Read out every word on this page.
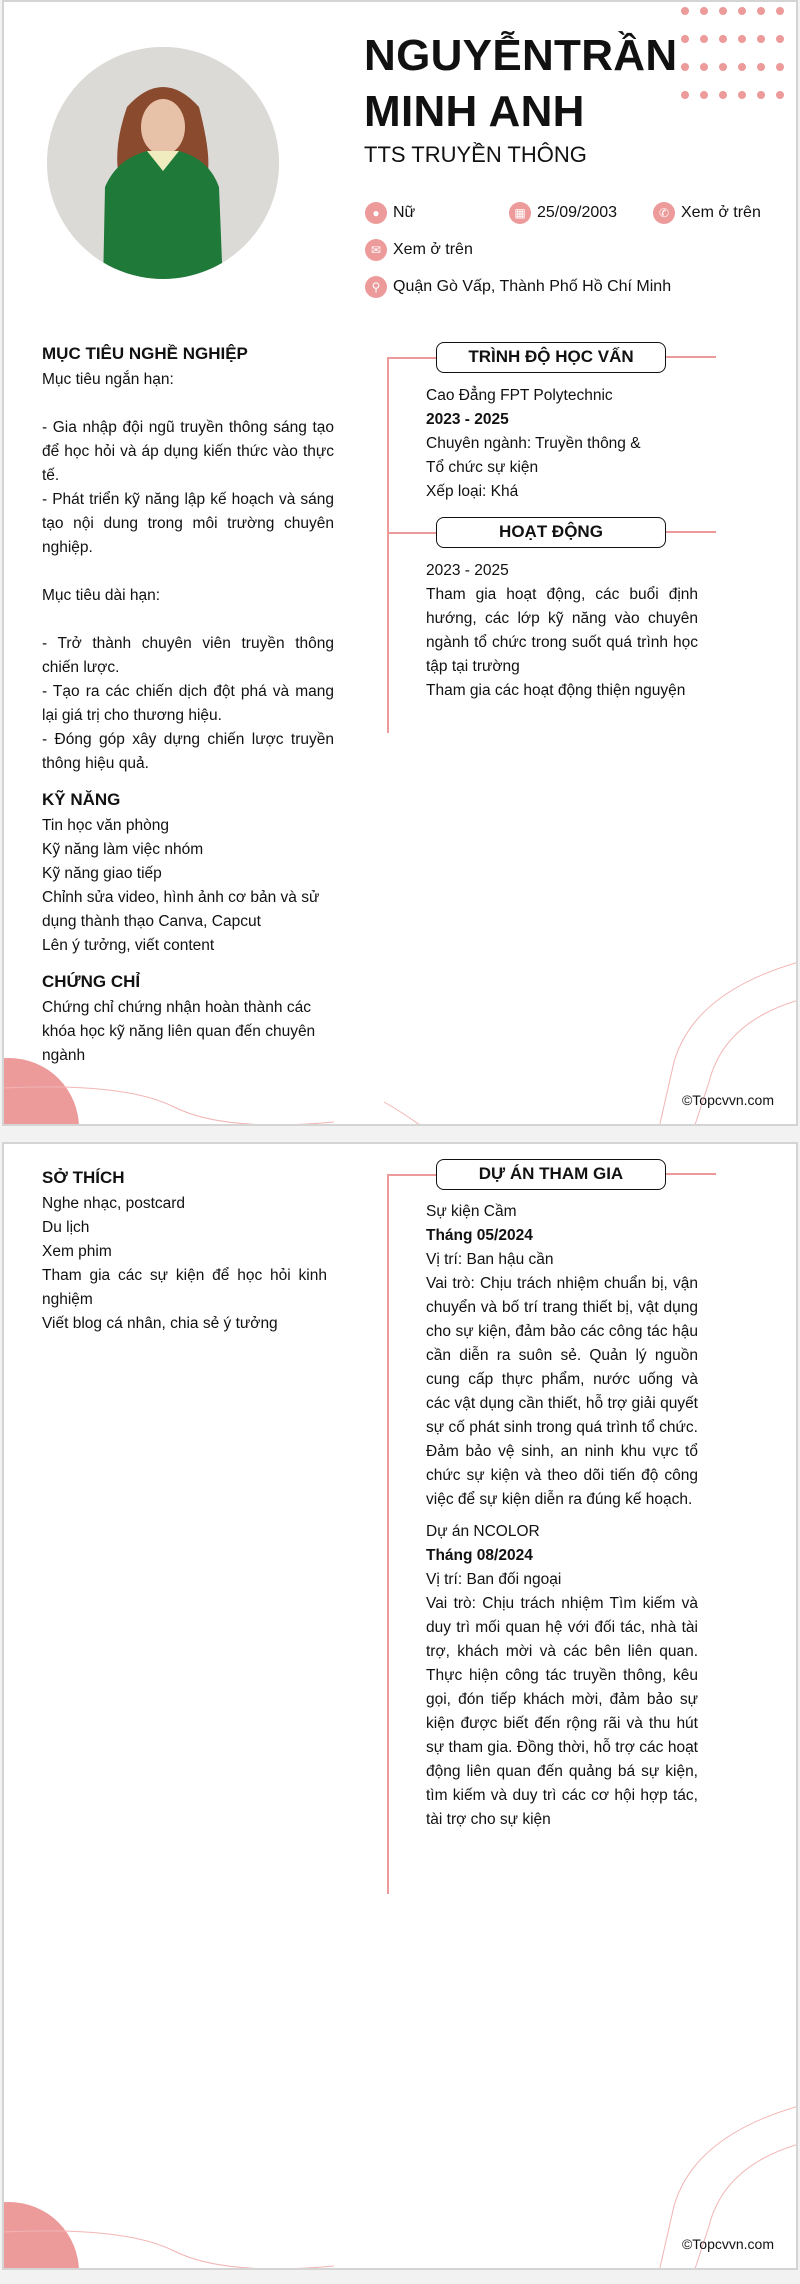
NGUYỄNTRẦN
MINH ANH
TTS TRUYỀN THÔNG
● Nữ	▦ 25/09/2003	✆ Xem ở trên
✉ Xem ở trên
⚲ Quận Gò Vấp, Thành Phố Hồ Chí Minh
MỤC TIÊU NGHỀ NGHIỆP
Mục tiêu ngắn hạn:

- Gia nhập đội ngũ truyền thông sáng tạo để học hỏi và áp dụng kiến thức vào thực tế.
- Phát triển kỹ năng lập kế hoạch và sáng tạo nội dung trong môi trường chuyên nghiệp.

Mục tiêu dài hạn:

- Trở thành chuyên viên truyền thông chiến lược.
- Tạo ra các chiến dịch đột phá và mang lại giá trị cho thương hiệu.
- Đóng góp xây dựng chiến lược truyền thông hiệu quả.
KỸ NĂNG
Tin học văn phòng
Kỹ năng làm việc nhóm
Kỹ năng giao tiếp
Chỉnh sửa video, hình ảnh cơ bản và sử dụng thành thạo Canva, Capcut
Lên ý tưởng, viết content
CHỨNG CHỈ
Chứng chỉ chứng nhận hoàn thành các khóa học kỹ năng liên quan đến chuyên ngành
TRÌNH ĐỘ HỌC VẤN
Cao Đẳng FPT Polytechnic
2023 - 2025
Chuyên ngành: Truyền thông & Tổ chức sự kiện
Xếp loại: Khá
HOẠT ĐỘNG
2023 - 2025
Tham gia hoạt động, các buổi định hướng, các lớp kỹ năng vào chuyên ngành tổ chức trong suốt quá trình học tập tại trường
Tham gia các hoạt động thiện nguyện
©Topcvvn.com
SỞ THÍCH
Nghe nhạc, postcard
Du lịch
Xem phim
Tham gia các sự kiện để học hỏi kinh nghiệm
Viết blog cá nhân, chia sẻ ý tưởng
DỰ ÁN THAM GIA
Sự kiện Cầm
Tháng 05/2024
Vị trí: Ban hậu cần
Vai trò: Chịu trách nhiệm chuẩn bị, vận chuyển và bố trí trang thiết bị, vật dụng cho sự kiện, đảm bảo các công tác hậu cần diễn ra suôn sẻ. Quản lý nguồn cung cấp thực phẩm, nước uống và các vật dụng cần thiết, hỗ trợ giải quyết sự cố phát sinh trong quá trình tổ chức. Đảm bảo vệ sinh, an ninh khu vực tổ chức sự kiện và theo dõi tiến độ công việc để sự kiện diễn ra đúng kế hoạch.
Dự án NCOLOR
Tháng 08/2024
Vị trí: Ban đối ngoại
Vai trò: Chịu trách nhiệm Tìm kiếm và duy trì mối quan hệ với đối tác, nhà tài trợ, khách mời và các bên liên quan. Thực hiện công tác truyền thông, kêu gọi, đón tiếp khách mời, đảm bảo sự kiện được biết đến rộng rãi và thu hút sự tham gia. Đồng thời, hỗ trợ các hoạt động liên quan đến quảng bá sự kiện, tìm kiếm và duy trì các cơ hội hợp tác, tài trợ cho sự kiện
©Topcvvn.com
